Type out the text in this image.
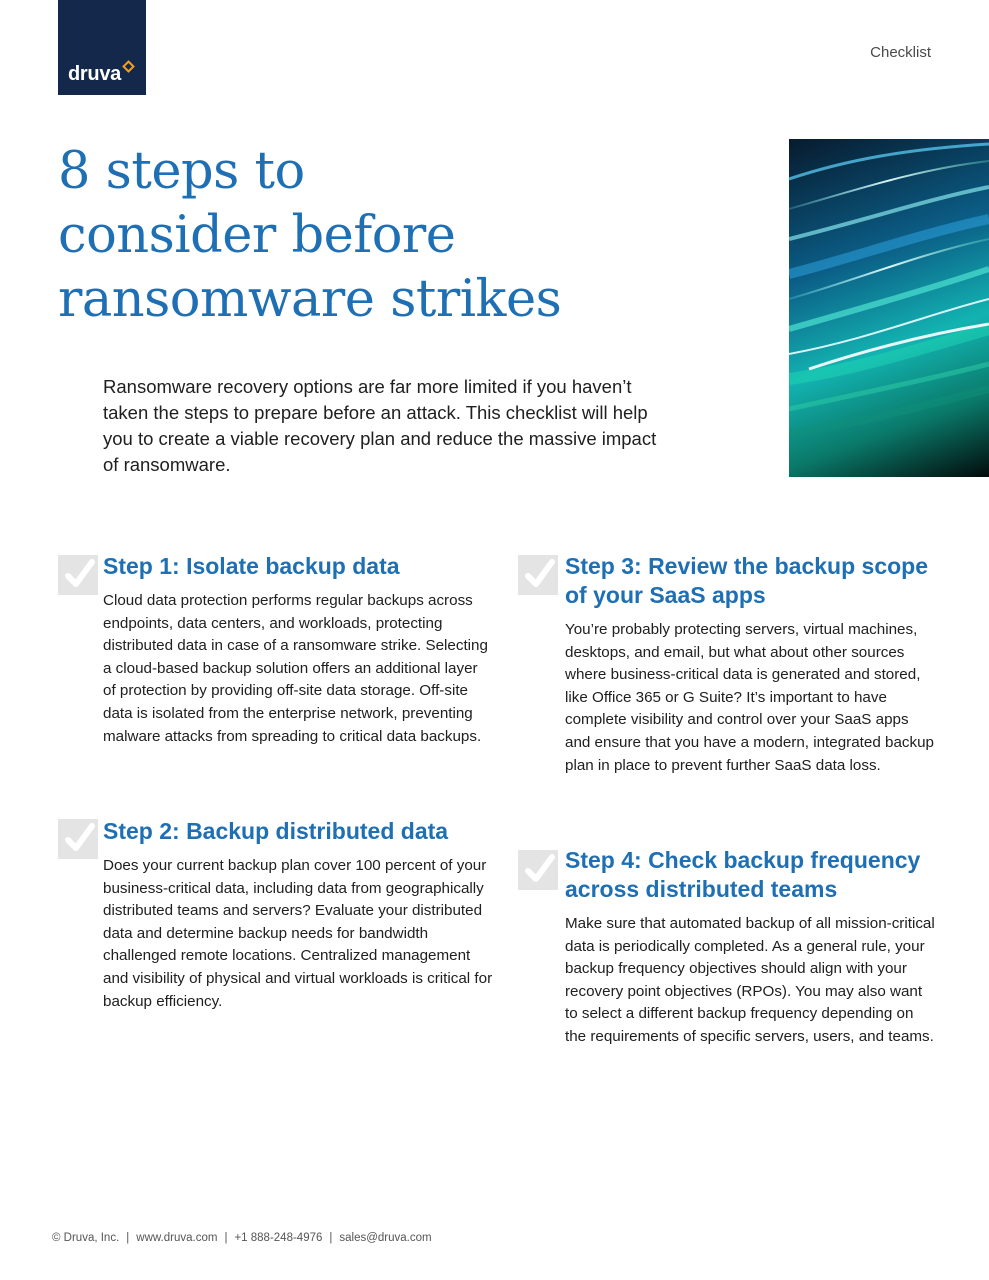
druva
Checklist
8 steps to
consider before
ransomware strikes

Ransomware recovery options are far more limited if you haven’t taken the steps to prepare before an attack. This checklist will help you to create a viable recovery plan and reduce the massive impact of ransomware.

Step 1: Isolate backup data

Cloud data protection performs regular backups across endpoints, data centers, and workloads, protecting distributed data in case of a ransomware strike. Selecting a cloud-based backup solution offers an additional layer of protection by providing off-site data storage. Off-site data is isolated from the enterprise network, preventing malware attacks from spreading to critical data backups.

Step 2: Backup distributed data

Does your current backup plan cover 100 percent of your business-critical data, including data from geographically distributed teams and servers? Evaluate your distributed data and determine backup needs for bandwidth challenged remote locations. Centralized management and visibility of physical and virtual workloads is critical for backup efficiency.

Step 3: Review the backup scope of your SaaS apps

You’re probably protecting servers, virtual machines, desktops, and email, but what about other sources where business-critical data is generated and stored, like Office 365 or G Suite? It’s important to have complete visibility and control over your SaaS apps and ensure that you have a modern, integrated backup plan in place to prevent further SaaS data loss.

Step 4: Check backup frequency across distributed teams

Make sure that automated backup of all mission-critical data is periodically completed. As a general rule, your backup frequency objectives should align with your recovery point objectives (RPOs). You may also want to select a different backup frequency depending on the requirements of specific servers, users, and teams.

© Druva, Inc. | www.druva.com | +1 888-248-4976 | sales@druva.com
